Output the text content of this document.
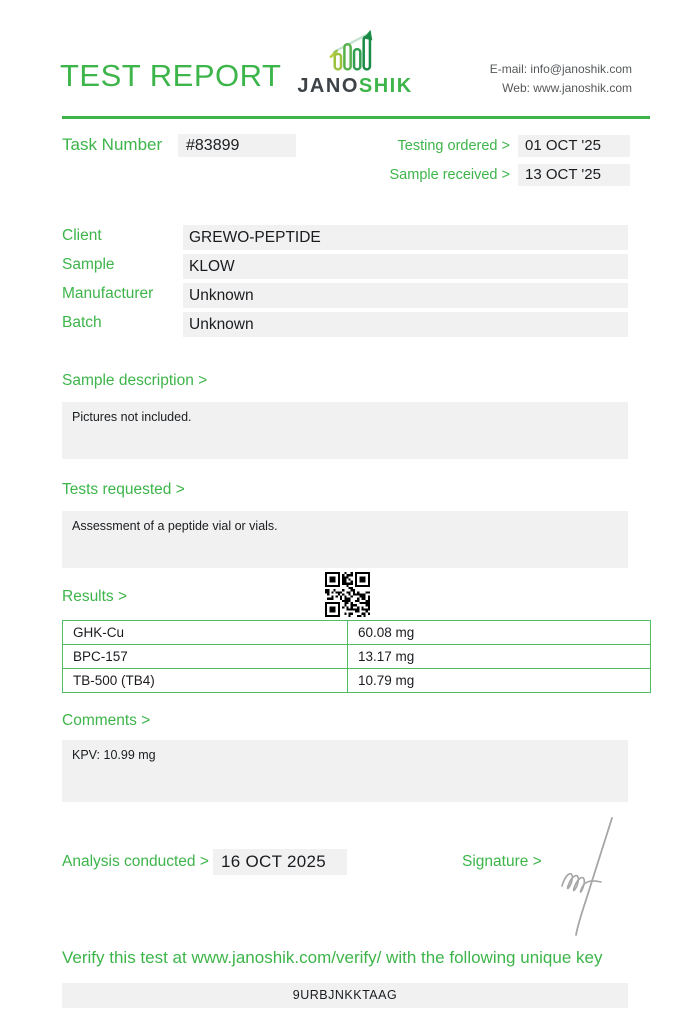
TEST REPORT JANOSHIK
E-mail: info@janoshik.com
Web: www.janoshik.com
Task Number	#83899	Testing ordered >	01 OCT '25
Sample received >	13 OCT '25
Client	GREWO-PEPTIDE
Sample	KLOW
Manufacturer	Unknown
Batch	Unknown
Sample description >
Pictures not included.
Tests requested >
Assessment of a peptide vial or vials.
Results >
GHK-Cu	60.08 mg
BPC-157	13.17 mg
TB-500 (TB4)	10.79 mg
Comments >
KPV: 10.99 mg
Analysis conducted > 16 OCT 2025	Signature >
Verify this test at www.janoshik.com/verify/ with the following unique key
9URBJNKKTAAG
